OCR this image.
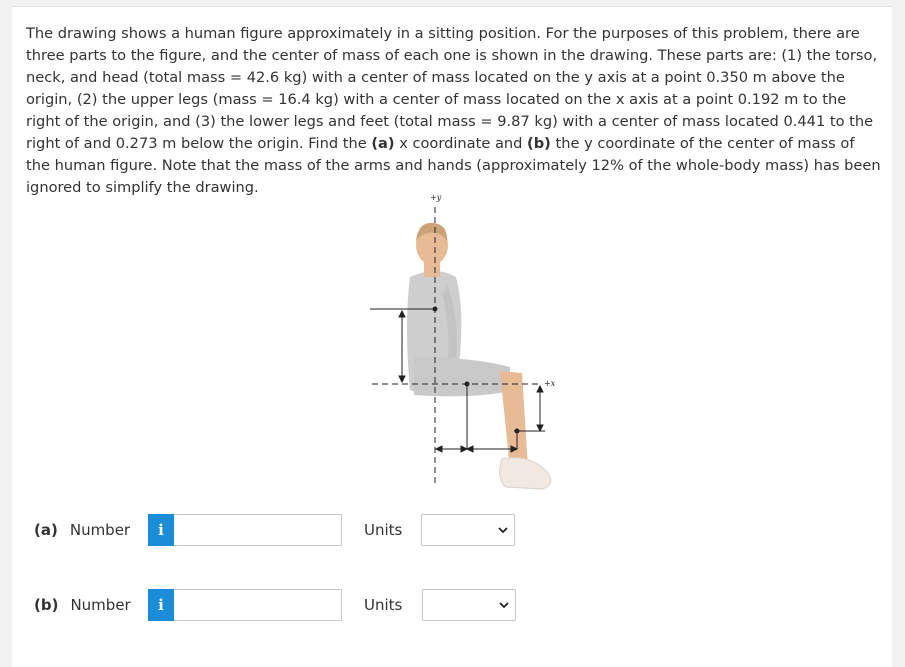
The drawing shows a human figure approximately in a sitting position. For the purposes of this problem, there are three parts to the figure, and the center of mass of each one is shown in the drawing. These parts are: (1) the torso, neck, and head (total mass = 42.6 kg) with a center of mass located on the y axis at a point 0.350 m above the origin, (2) the upper legs (mass = 16.4 kg) with a center of mass located on the x axis at a point 0.192 m to the right of the origin, and (3) the lower legs and feet (total mass = 9.87 kg) with a center of mass located 0.441 to the right of and 0.273 m below the origin. Find the (a) x coordinate and (b) the y coordinate of the center of mass of the human figure. Note that the mass of the arms and hands (approximately 12% of the whole-body mass) has been ignored to simplify the drawing.

+y
+x
(a) Number	i	Units
(b) Number	i	Units
